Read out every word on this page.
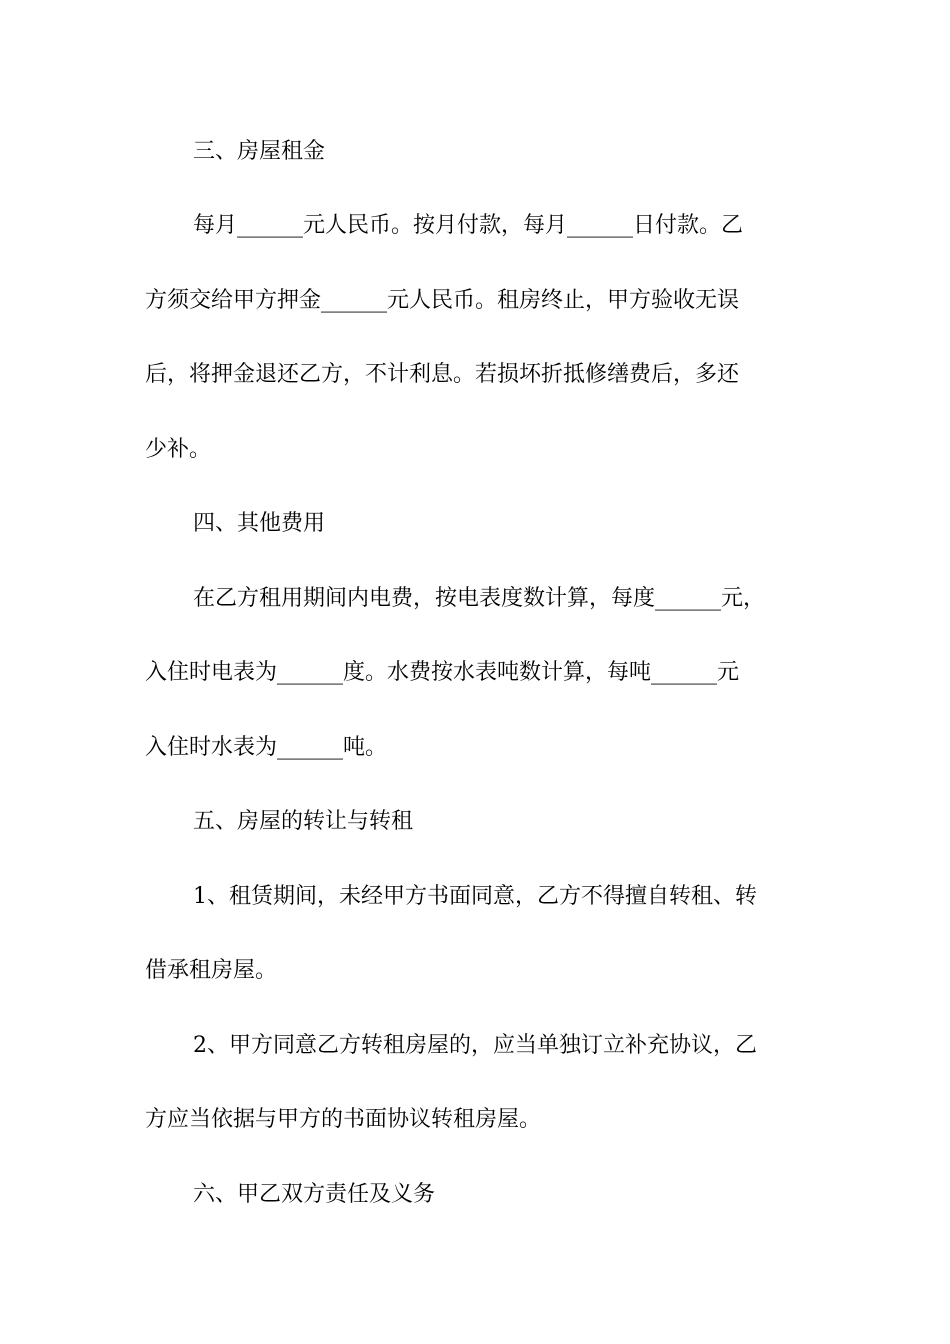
三、房屋租金

每月______元人民币。按月付款，每月______日付款。乙

方须交给甲方押金______元人民币。租房终止，甲方验收无误

后，将押金退还乙方，不计利息。若损坏折抵修缮费后，多还

少补。

四、其他费用

在乙方租用期间内电费，按电表度数计算，每度______元，

入住时电表为______度。水费按水表吨数计算，每吨______元

入住时水表为______吨。

五、房屋的转让与转租

1、租赁期间，未经甲方书面同意，乙方不得擅自转租、转

借承租房屋。

2、甲方同意乙方转租房屋的，应当单独订立补充协议，乙

方应当依据与甲方的书面协议转租房屋。

六、甲乙双方责任及义务
